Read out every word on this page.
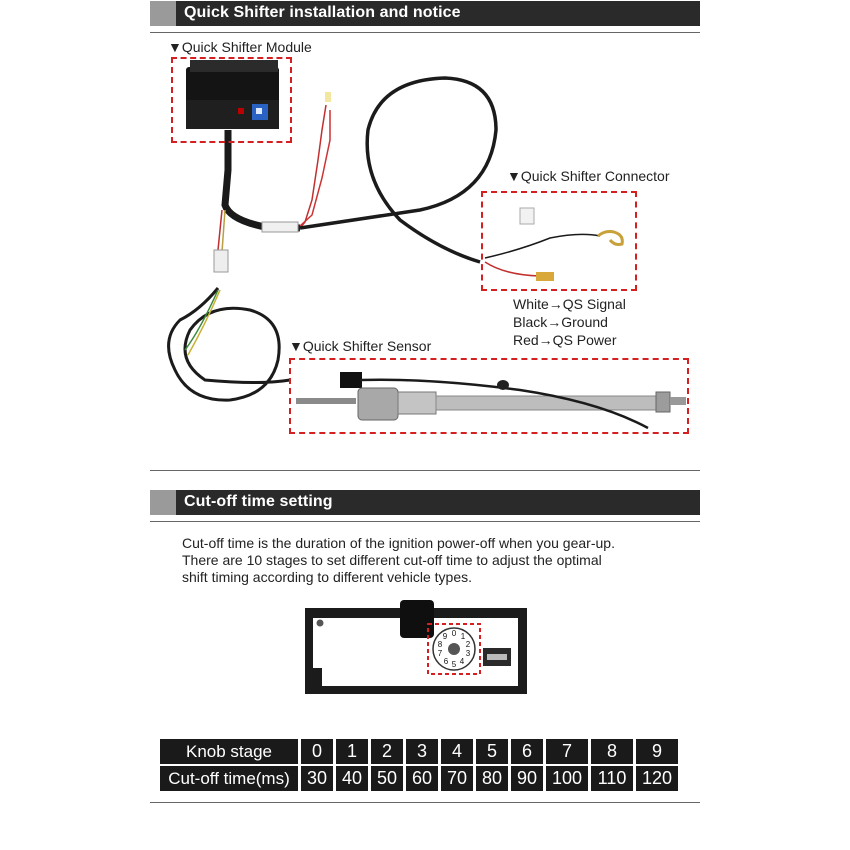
Quick Shifter installation and notice
0 1
2
3
4
5
6
7
8
9
▼Quick Shifter Module
▼Quick Shifter Connector
▼Quick Shifter Sensor
White→QS Signal
Black→Ground
Red→QS Power
Cut-off time setting
Cut-off time is the duration of the ignition power-off when you gear-up.
There are 10 stages to set different cut-off time to adjust the optimal
shift timing according to different vehicle types.
Knob stage	0	1	2	3	4	5	6	7	8	9
Cut-off time(ms)	30	40	50	60	70	80	90	100	110	120
